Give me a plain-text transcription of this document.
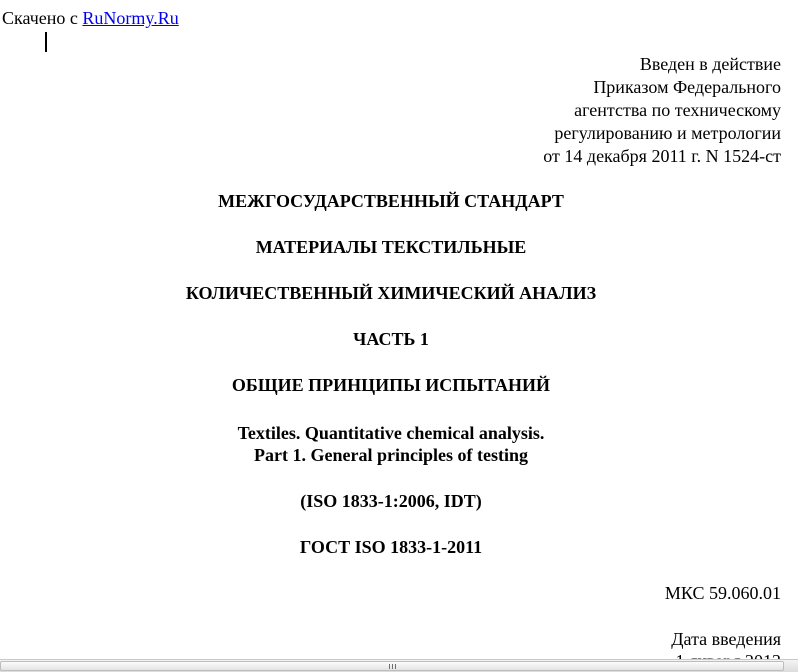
Скачено с RuNormy.Ru
Введен в действие
Приказом Федерального
агентства по техническому
регулированию и метрологии
от 14 декабря 2011 г. N 1524-ст
МЕЖГОСУДАРСТВЕННЫЙ СТАНДАРТ
МАТЕРИАЛЫ ТЕКСТИЛЬНЫЕ
КОЛИЧЕСТВЕННЫЙ ХИМИЧЕСКИЙ АНАЛИЗ
ЧАСТЬ 1
ОБЩИЕ ПРИНЦИПЫ ИСПЫТАНИЙ
Textiles. Quantitative chemical analysis.
Part 1. General principles of testing
(ISO 1833-1:2006, IDT)
ГОСТ ISO 1833-1-2011
МКС 59.060.01
Дата введения
